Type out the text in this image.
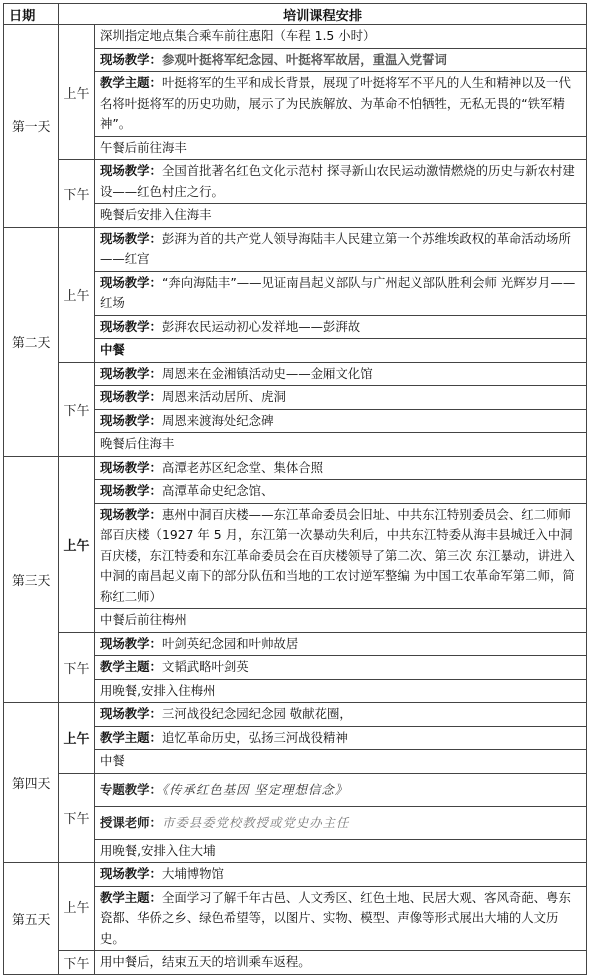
日期	培训课程安排	
第一天	上午	深圳指定地点集合乘车前往惠阳（车程 1.5 小时）
		现场教学：参观叶挺将军纪念园、叶挺将军故居，重温入党誓词
		教学主题：叶挺将军的生平和成长背景，展现了叶挺将军不平凡的人生和精神以及一代名将叶挺将军的历史功勋，展示了为民族解放、为革命不怕牺牲，无私无畏的“铁军精神”。
		午餐后前往海丰
	下午	现场教学：全国首批著名红色文化示范村 探寻新山农民运动激情燃烧的历史与新农村建设——红色村庄之行。
		晚餐后安排入住海丰
第二天	上午	现场教学：彭湃为首的共产党人领导海陆丰人民建立第一个苏维埃政权的革命活动场所——红宫
		现场教学：“奔向海陆丰”——见证南昌起义部队与广州起义部队胜利会师 光辉岁月——红场
		现场教学：彭湃农民运动初心发祥地——彭湃故
		中餐
	下午	现场教学：周恩来在金湘镇活动史——金厢文化馆
		现场教学：周恩来活动居所、虎洞
		现场教学：周恩来渡海处纪念碑
		晚餐后住海丰
第三天	上午	现场教学：高潭老苏区纪念堂、集体合照
		现场教学：高潭革命史纪念馆、
		现场教学：惠州中洞百庆楼——东江革命委员会旧址、中共东江特别委员会、红二师师部百庆楼（1927 年 5 月，东江第一次暴动失利后，中共东江特委从海丰县城迁入中洞百庆楼，东江特委和东江革命委员会在百庆楼领导了第二次、第三次 东江暴动，讲进入中洞的南昌起义南下的部分队伍和当地的工农讨逆军整编 为中国工农革命军第二师，简称红二师）
		中餐后前往梅州
	下午	现场教学：叶剑英纪念园和叶帅故居
		教学主题：文韬武略叶剑英
		用晚餐,安排入住梅州
第四天	上午	现场教学：三河战役纪念园纪念园 敬献花圈，
		教学主题：追忆革命历史，弘扬三河战役精神
		中餐
	下午	专题教学：《传承红色基因 坚定理想信念》
		授课老师：市委县委党校教授或党史办主任
		用晚餐,安排入住大埔
第五天	上午	现场教学：大埔博物馆
		教学主题：全面学习了解千年古邑、人文秀区、红色土地、民居大观、客风奇葩、粤东瓷都、华侨之乡、绿色希望等，以图片、实物、模型、声像等形式展出大埔的人文历史。
	下午	用中餐后，结束五天的培训乘车返程。
